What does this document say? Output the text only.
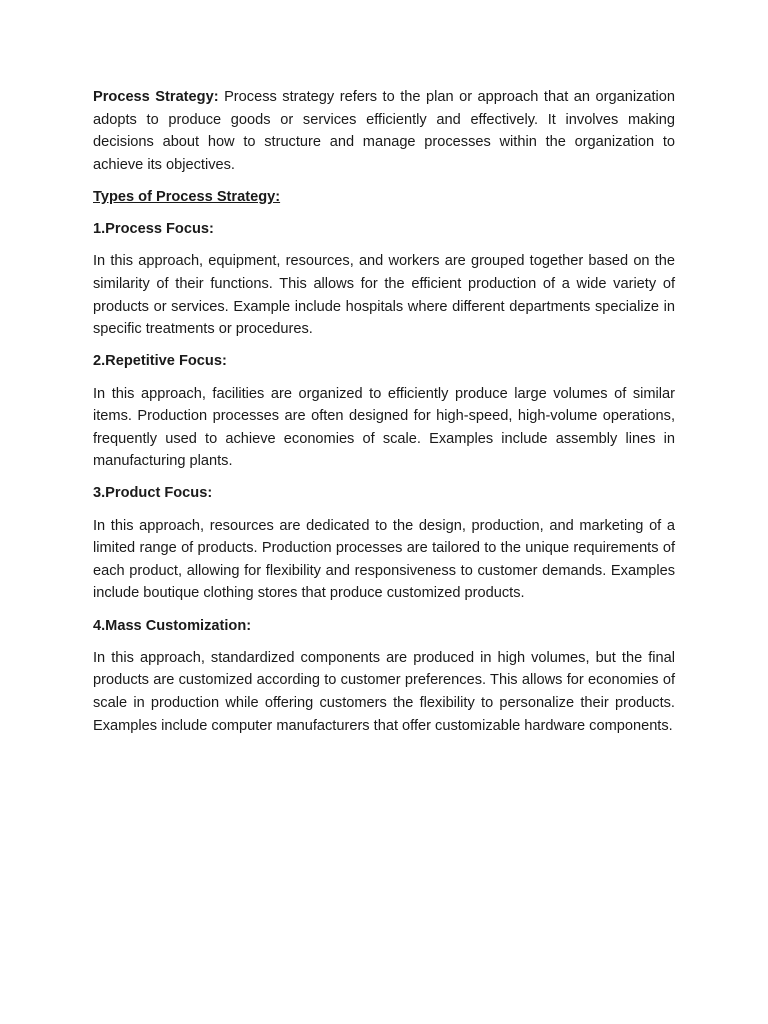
Process Strategy: Process strategy refers to the plan or approach that an organization adopts to produce goods or services efficiently and effectively. It involves making decisions about how to structure and manage processes within the organization to achieve its objectives.

Types of Process Strategy:

1.Process Focus:

In this approach, equipment, resources, and workers are grouped together based on the similarity of their functions. This allows for the efficient production of a wide variety of products or services. Example include hospitals where different departments specialize in specific treatments or procedures.

2.Repetitive Focus:

In this approach, facilities are organized to efficiently produce large volumes of similar items. Production processes are often designed for high-speed, high-volume operations, frequently used to achieve economies of scale. Examples include assembly lines in manufacturing plants.

3.Product Focus:

In this approach, resources are dedicated to the design, production, and marketing of a limited range of products. Production processes are tailored to the unique requirements of each product, allowing for flexibility and responsiveness to customer demands. Examples include boutique clothing stores that produce customized products.

4.Mass Customization:

In this approach, standardized components are produced in high volumes, but the final products are customized according to customer preferences. This allows for economies of scale in production while offering customers the flexibility to personalize their products. Examples include computer manufacturers that offer customizable hardware components.
